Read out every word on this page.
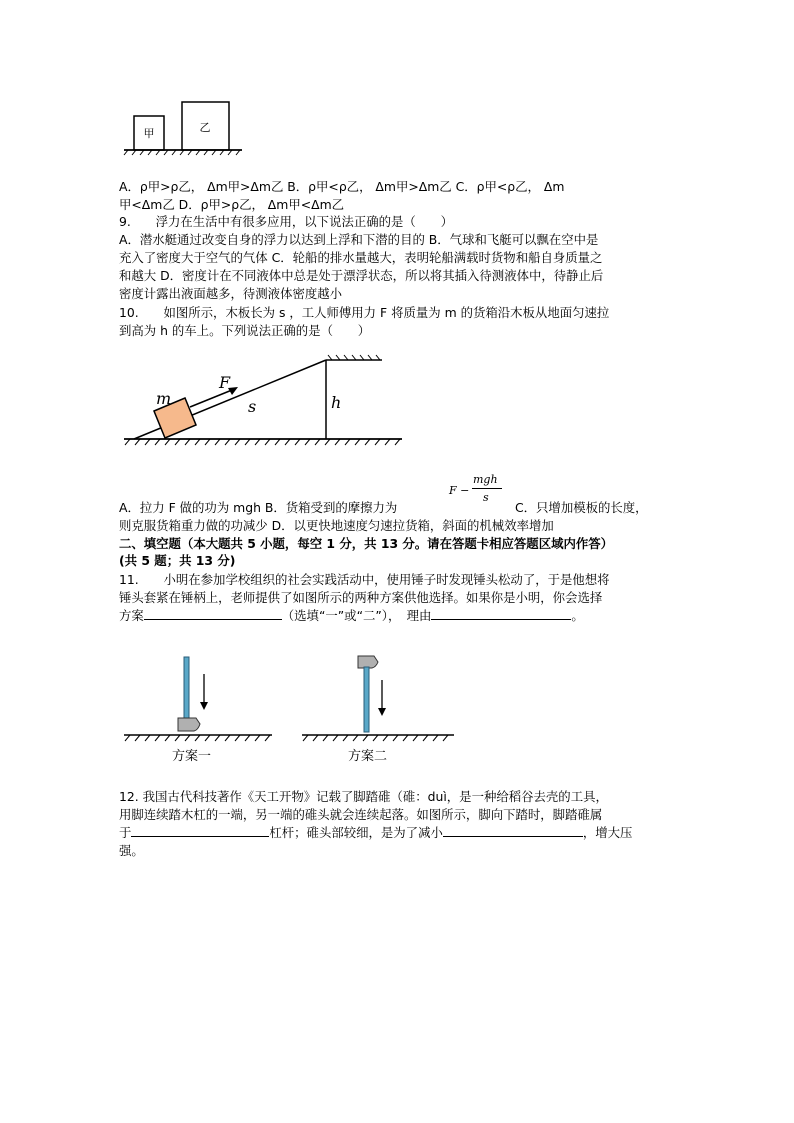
甲	乙
A．ρ甲>ρ乙， Δm甲>Δm乙 B．ρ甲<ρ乙， Δm甲>Δm乙 C．ρ甲<ρ乙， Δm
甲<Δm乙 D．ρ甲>ρ乙， Δm甲<Δm乙
9.　　浮力在生活中有很多应用，以下说法正确的是（　　）
A．潜水艇通过改变自身的浮力以达到上浮和下潜的目的 B．气球和飞艇可以飘在空中是
充入了密度大于空气的气体 C．轮船的排水量越大，表明轮船满载时货物和船自身质量之
和越大 D．密度计在不同液体中总是处于漂浮状态，所以将其插入待测液体中，待静止后
密度计露出液面越多，待测液体密度越小
10.　　如图所示，木板长为 s ，工人师傅用力 F 将质量为 m 的货箱沿木板从地面匀速拉
到高为 h 的车上。下列说法正确的是（　　）
m
F
s	h
F −
mgh
s
A．拉力 F 做的功为 mgh B．货箱受到的摩擦力为	C．只增加模板的长度，
则克服货箱重力做的功减少 D．以更快地速度匀速拉货箱，斜面的机械效率增加
二、填空题（本大题共 5 小题，每空 1 分，共 13 分。请在答题卡相应答题区域内作答）
(共 5 题；共 13 分)
11.　　小明在参加学校组织的社会实践活动中，使用锤子时发现锤头松动了，于是他想将
锤头套紧在锤柄上，老师提供了如图所示的两种方案供他选择。如果你是小明，你会选择
方案	（选填“一”或“二”），　理由	。
方案一	方案二
12. 我国古代科技著作《天工开物》记载了脚踏碓（碓：duì，是一种给稻谷去壳的工具，
用脚连续踏木杠的一端，另一端的碓头就会连续起落。如图所示，脚向下踏时，脚踏碓属
于	杠杆；碓头部较细，是为了减小	，增大压
强。
